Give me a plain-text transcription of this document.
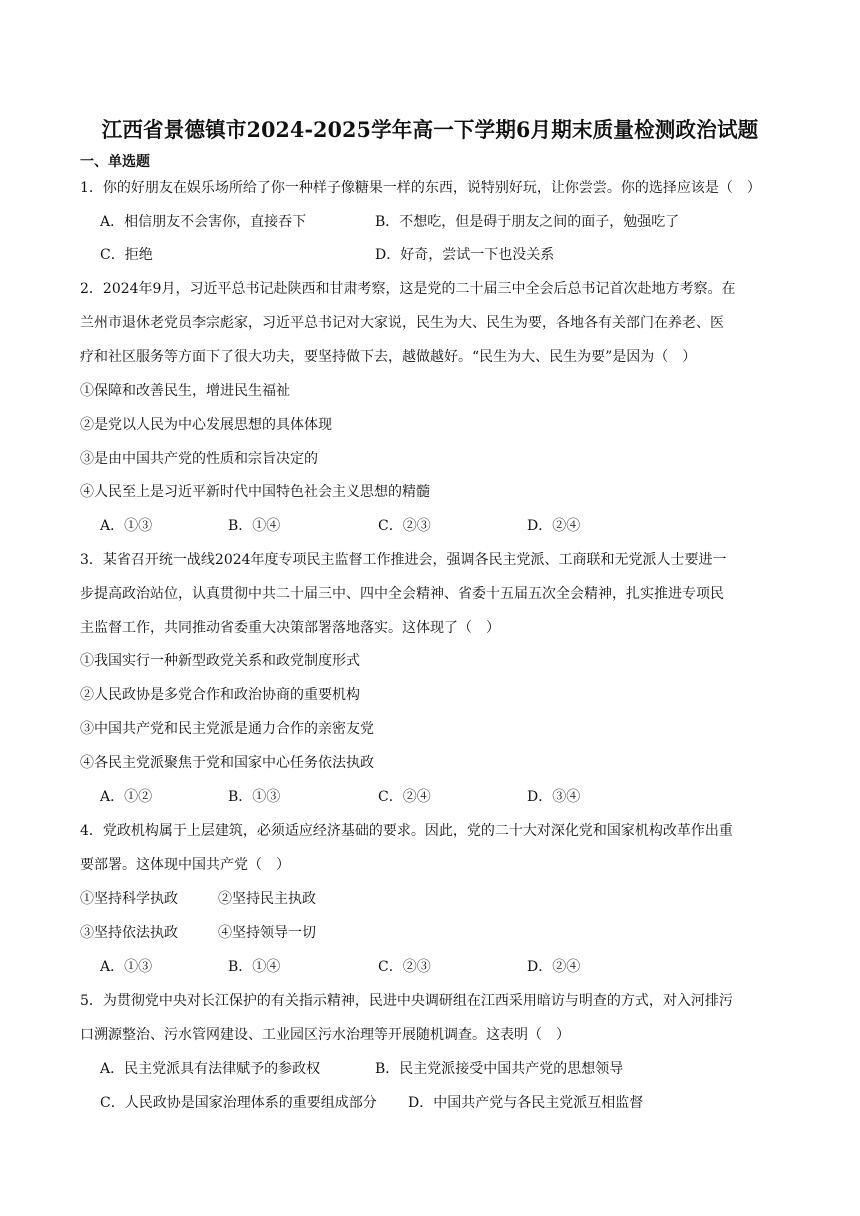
江西省景德镇市2024-2025学年高一下学期6月期末质量检测政治试题
一、单选题
1．你的好朋友在娱乐场所给了你一种样子像糖果一样的东西，说特别好玩，让你尝尝。你的选择应该是（　）
A．相信朋友不会害你，直接吞下	B．不想吃，但是碍于朋友之间的面子，勉强吃了
C．拒绝	D．好奇，尝试一下也没关系
2．2024年9月，习近平总书记赴陕西和甘肃考察，这是党的二十届三中全会后总书记首次赴地方考察。在
兰州市退休老党员李宗彪家，习近平总书记对大家说，民生为大、民生为要，各地各有关部门在养老、医
疗和社区服务等方面下了很大功夫，要坚持做下去，越做越好。“民生为大、民生为要”是因为（　）
①保障和改善民生，增进民生福祉
②是党以人民为中心发展思想的具体体现
③是由中国共产党的性质和宗旨决定的
④人民至上是习近平新时代中国特色社会主义思想的精髓
A．①③	B．①④	C．②③	D．②④
3．某省召开统一战线2024年度专项民主监督工作推进会，强调各民主党派、工商联和无党派人士要进一
步提高政治站位，认真贯彻中共二十届三中、四中全会精神、省委十五届五次全会精神，扎实推进专项民
主监督工作，共同推动省委重大决策部署落地落实。这体现了（　）
①我国实行一种新型政党关系和政党制度形式
②人民政协是多党合作和政治协商的重要机构
③中国共产党和民主党派是通力合作的亲密友党
④各民主党派聚焦于党和国家中心任务依法执政
A．①②	B．①③	C．②④	D．③④
4．党政机构属于上层建筑，必须适应经济基础的要求。因此，党的二十大对深化党和国家机构改革作出重
要部署。这体现中国共产党（　）
①坚持科学执政	②坚持民主执政
③坚持依法执政	④坚持领导一切
A．①③	B．①④	C．②③	D．②④
5．为贯彻党中央对长江保护的有关指示精神，民进中央调研组在江西采用暗访与明查的方式，对入河排污
口溯源整治、污水管网建设、工业园区污水治理等开展随机调查。这表明（　）
A．民主党派具有法律赋予的参政权	B．民主党派接受中国共产党的思想领导
C．人民政协是国家治理体系的重要组成部分 D．中国共产党与各民主党派互相监督
